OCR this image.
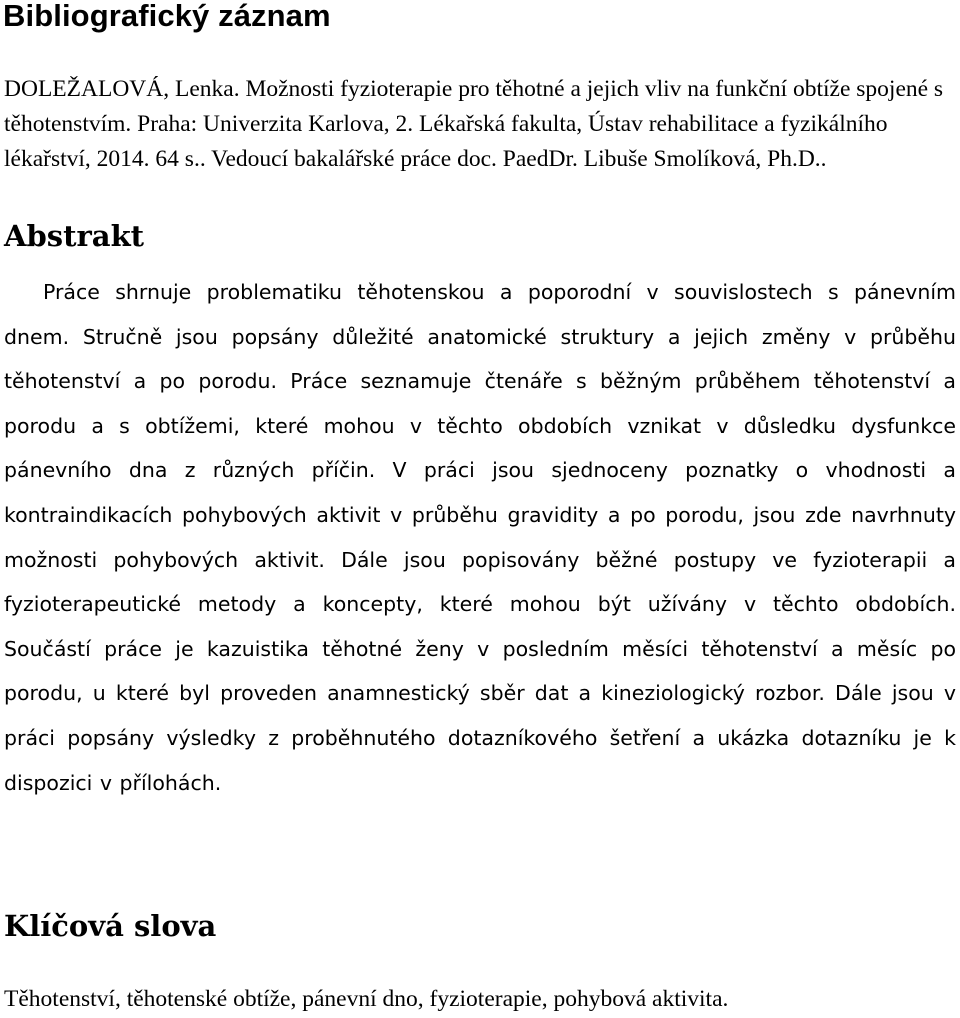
Bibliografický záznam

DOLEŽALOVÁ, Lenka. Možnosti fyzioterapie pro těhotné a jejich vliv na funkční obtíže spojené s těhotenstvím. Praha: Univerzita Karlova, 2. Lékařská fakulta, Ústav rehabilitace a fyzikálního lékařství, 2014. 64 s.. Vedoucí bakalářské práce doc. PaedDr. Libuše Smolíková, Ph.D..

Abstrakt

Práce shrnuje problematiku těhotenskou a poporodní v souvislostech s pánevním dnem. Stručně jsou popsány důležité anatomické struktury a jejich změny v průběhu těhotenství a po porodu. Práce seznamuje čtenáře s běžným průběhem těhotenství a porodu a s obtížemi, které mohou v těchto obdobích vznikat v důsledku dysfunkce pánevního dna z různých příčin. V práci jsou sjednoceny poznatky o vhodnosti a kontraindikacích pohybových aktivit v průběhu gravidity a po porodu, jsou zde navrhnuty možnosti pohybových aktivit. Dále jsou popisovány běžné postupy ve fyzioterapii a fyzioterapeutické metody a koncepty, které mohou být užívány v těchto obdobích. Součástí práce je kazuistika těhotné ženy v posledním měsíci těhotenství a měsíc po porodu, u které byl proveden anamnestický sběr dat a kineziologický rozbor. Dále jsou v práci popsány výsledky z proběhnutého dotazníkového šetření a ukázka dotazníku je k dispozici v přílohách.

Klíčová slova

Těhotenství, těhotenské obtíže, pánevní dno, fyzioterapie, pohybová aktivita.
